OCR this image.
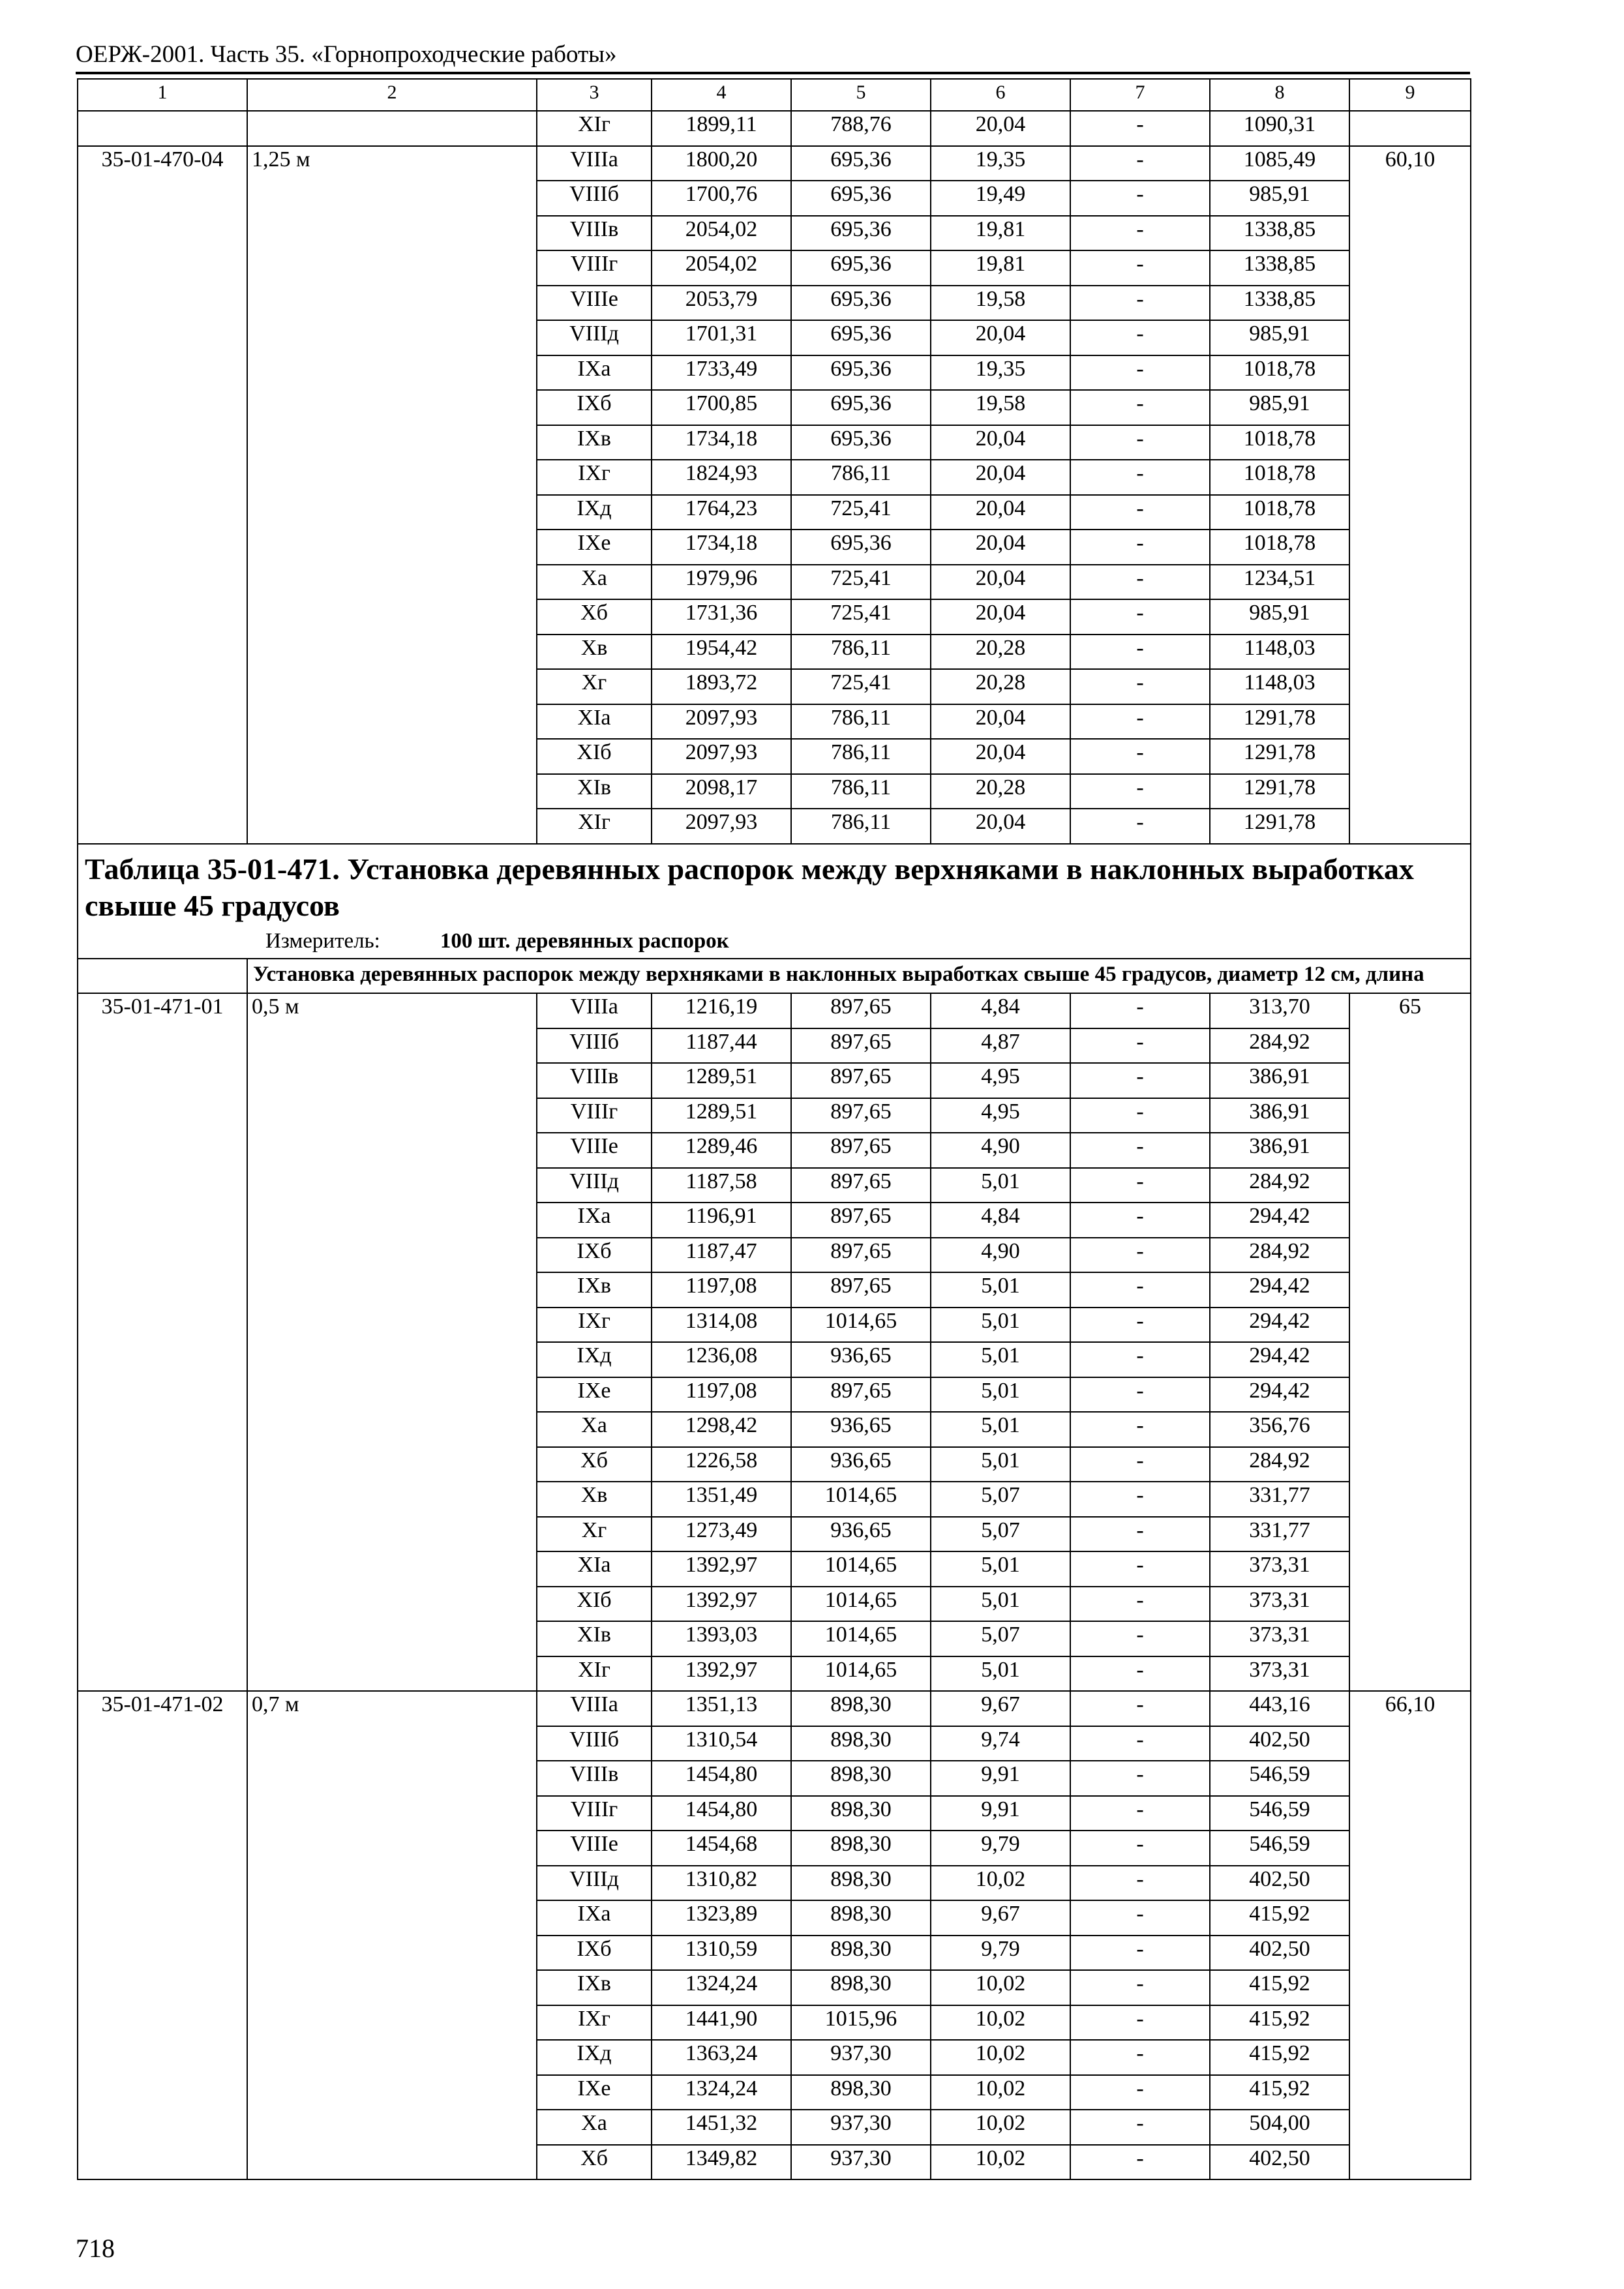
ОЕРЖ-2001. Часть 35. «Горнопроходческие работы»
1	2	3	4	5	6	7	8	9
		XIг	1899,11	788,76	20,04	-	1090,31	
35-01-470-04	1,25 м	VIIIа	1800,20	695,36	19,35	-	1085,49	60,10
		VIIIб	1700,76	695,36	19,49	-	985,91	
		VIIIв	2054,02	695,36	19,81	-	1338,85	
		VIIIг	2054,02	695,36	19,81	-	1338,85	
		VIIIе	2053,79	695,36	19,58	-	1338,85	
		VIIIд	1701,31	695,36	20,04	-	985,91	
		IXа	1733,49	695,36	19,35	-	1018,78	
		IXб	1700,85	695,36	19,58	-	985,91	
		IXв	1734,18	695,36	20,04	-	1018,78	
		IXг	1824,93	786,11	20,04	-	1018,78	
		IXд	1764,23	725,41	20,04	-	1018,78	
		IXе	1734,18	695,36	20,04	-	1018,78	
		Xа	1979,96	725,41	20,04	-	1234,51	
		Xб	1731,36	725,41	20,04	-	985,91	
		Xв	1954,42	786,11	20,28	-	1148,03	
		Xг	1893,72	725,41	20,28	-	1148,03	
		XIа	2097,93	786,11	20,04	-	1291,78	
		XIб	2097,93	786,11	20,04	-	1291,78	
		XIв	2098,17	786,11	20,28	-	1291,78	
		XIг	2097,93	786,11	20,04	-	1291,78	

Таблица 35-01-471. Установка деревянных распорок между верхняками в наклонных выработках свыше 45 градусов
Измеритель: 100 шт. деревянных распорок								

	Установка деревянных распорок между верхняками в наклонных выработках свыше 45 градусов, диаметр 12 см, длина							
35-01-471-01	0,5 м	VIIIа	1216,19	897,65	4,84	-	313,70	65
		VIIIб	1187,44	897,65	4,87	-	284,92	
		VIIIв	1289,51	897,65	4,95	-	386,91	
		VIIIг	1289,51	897,65	4,95	-	386,91	
		VIIIе	1289,46	897,65	4,90	-	386,91	
		VIIIд	1187,58	897,65	5,01	-	284,92	
		IXа	1196,91	897,65	4,84	-	294,42	
		IXб	1187,47	897,65	4,90	-	284,92	
		IXв	1197,08	897,65	5,01	-	294,42	
		IXг	1314,08	1014,65	5,01	-	294,42	
		IXд	1236,08	936,65	5,01	-	294,42	
		IXе	1197,08	897,65	5,01	-	294,42	
		Xа	1298,42	936,65	5,01	-	356,76	
		Xб	1226,58	936,65	5,01	-	284,92	
		Xв	1351,49	1014,65	5,07	-	331,77	
		Xг	1273,49	936,65	5,07	-	331,77	
		XIа	1392,97	1014,65	5,01	-	373,31	
		XIб	1392,97	1014,65	5,01	-	373,31	
		XIв	1393,03	1014,65	5,07	-	373,31	
		XIг	1392,97	1014,65	5,01	-	373,31	
35-01-471-02	0,7 м	VIIIа	1351,13	898,30	9,67	-	443,16	66,10
		VIIIб	1310,54	898,30	9,74	-	402,50	
		VIIIв	1454,80	898,30	9,91	-	546,59	
		VIIIг	1454,80	898,30	9,91	-	546,59	
		VIIIе	1454,68	898,30	9,79	-	546,59	
		VIIIд	1310,82	898,30	10,02	-	402,50	
		IXа	1323,89	898,30	9,67	-	415,92	
		IXб	1310,59	898,30	9,79	-	402,50	
		IXв	1324,24	898,30	10,02	-	415,92	
		IXг	1441,90	1015,96	10,02	-	415,92	
		IXд	1363,24	937,30	10,02	-	415,92	
		IXе	1324,24	898,30	10,02	-	415,92	
		Xа	1451,32	937,30	10,02	-	504,00	
		Xб	1349,82	937,30	10,02	-	402,50	
718
